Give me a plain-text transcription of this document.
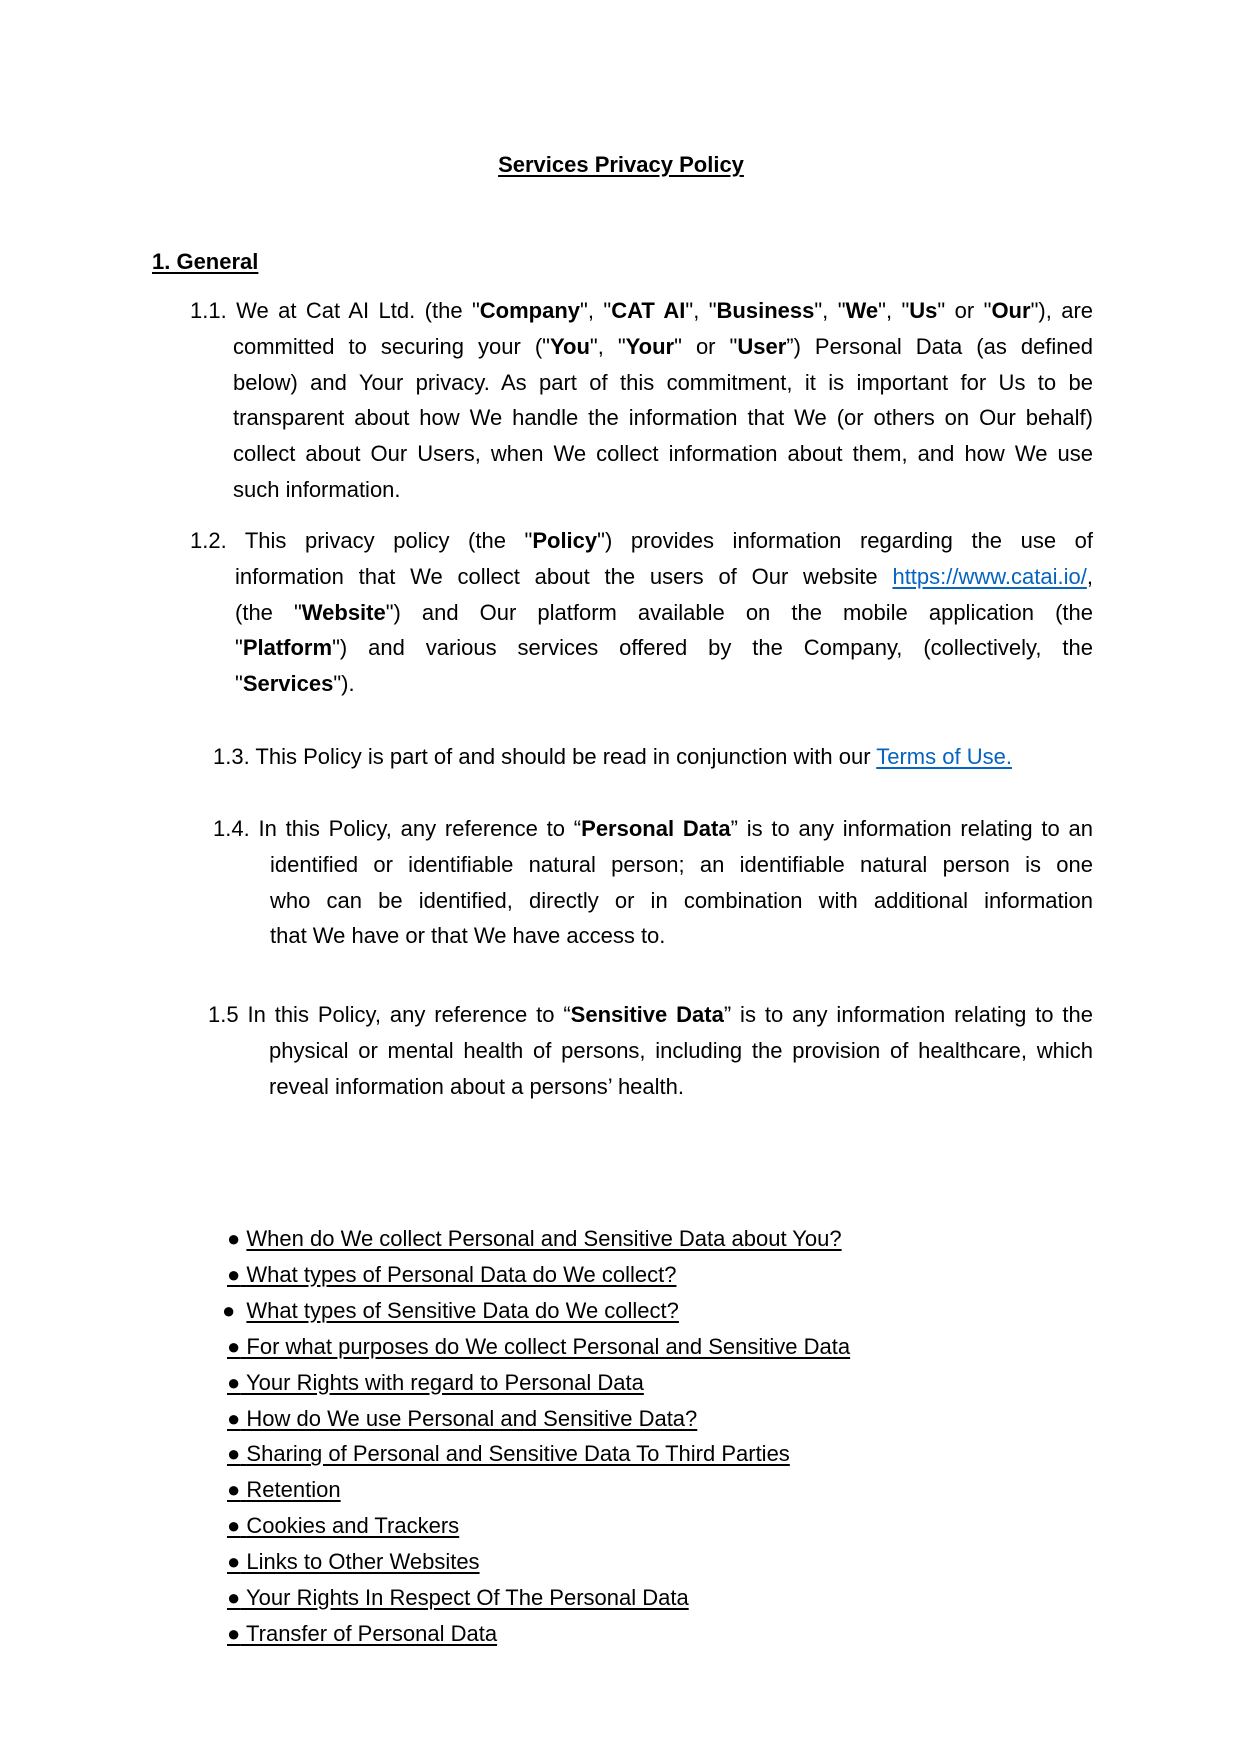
Services Privacy Policy
1. General
1.1. We at Cat AI Ltd. (the "Company", "CAT AI", "Business", "We", "Us" or "Our"), are
committed to securing your ("You", "Your" or "User”) Personal Data (as defined
below) and Your privacy. As part of this commitment, it is important for Us to be
transparent about how We handle the information that We (or others on Our behalf)
collect about Our Users, when We collect information about them, and how We use
such information.
1.2. This privacy policy (the "Policy") provides information regarding the use of
information that We collect about the users of Our website https://www.catai.io/,
(the "Website") and Our platform available on the mobile application (the
"Platform") and various services offered by the Company, (collectively, the
"Services").
1.3. This Policy is part of and should be read in conjunction with our Terms of Use.
1.4. In this Policy, any reference to “Personal Data” is to any information relating to an
identified or identifiable natural person; an identifiable natural person is one
who can be identified, directly or in combination with additional information
that We have or that We have access to.
1.5 In this Policy, any reference to “Sensitive Data” is to any information relating to the
physical or mental health of persons, including the provision of healthcare, which
reveal information about a persons’ health.
● When do We collect Personal and Sensitive Data about You?
● What types of Personal Data do We collect?
● What types of Sensitive Data do We collect?
● For what purposes do We collect Personal and Sensitive Data
● Your Rights with regard to Personal Data
● How do We use Personal and Sensitive Data?
● Sharing of Personal and Sensitive Data To Third Parties
● Retention
● Cookies and Trackers
● Links to Other Websites
● Your Rights In Respect Of The Personal Data
● Transfer of Personal Data
